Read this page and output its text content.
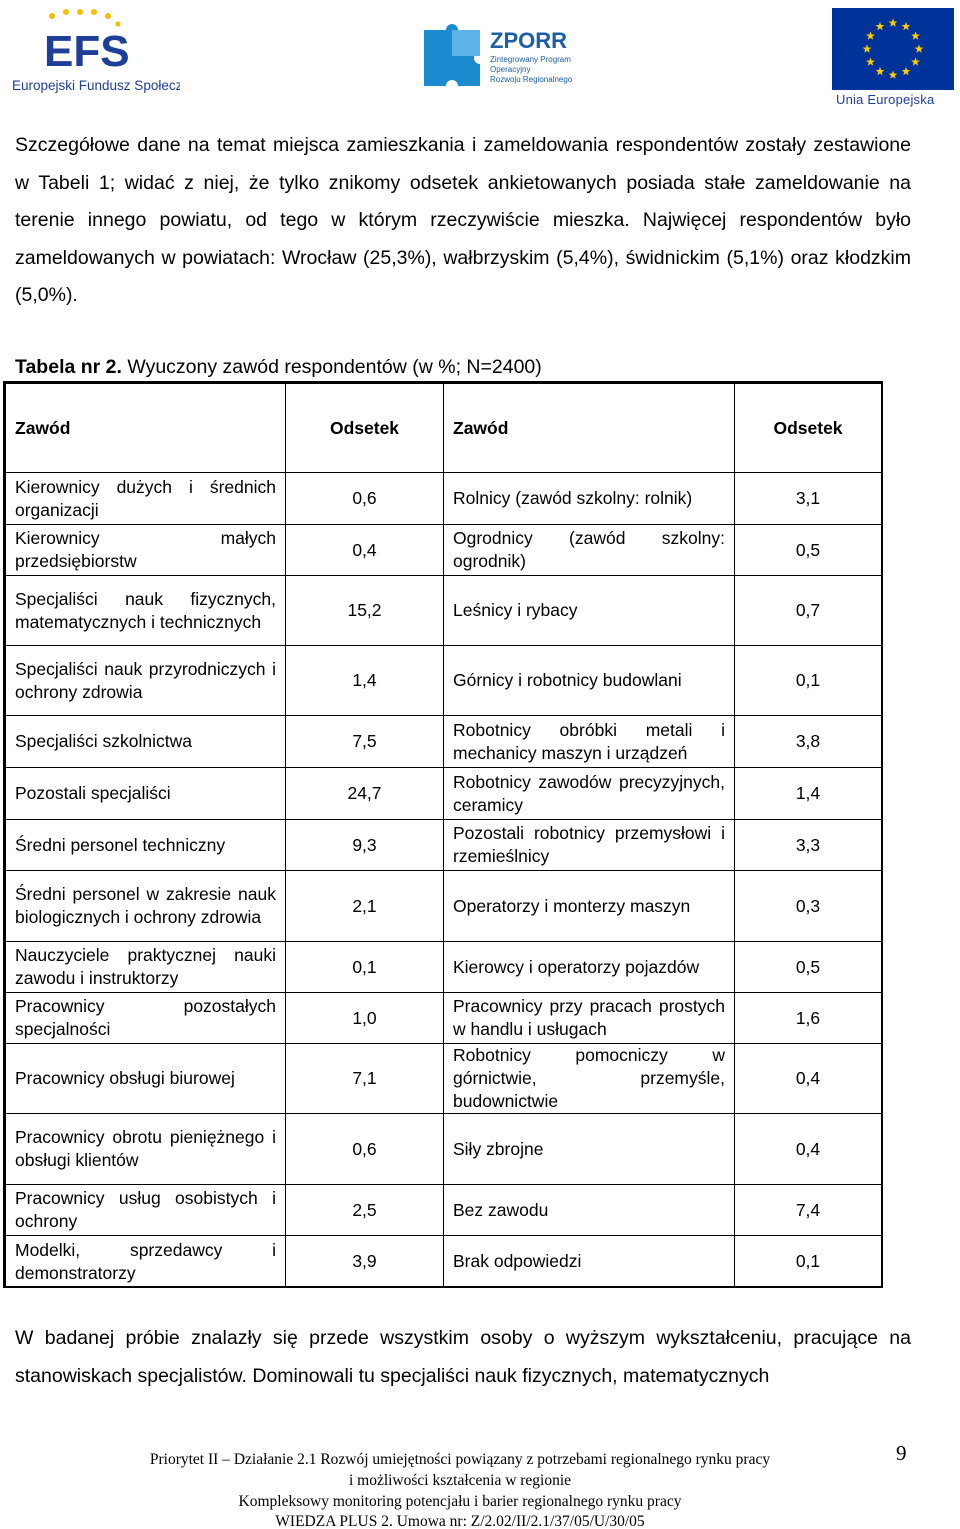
EFS
Europejski Fundusz Społeczny
ZPORR
Zintegrowany Program
Operacyjny
Rozwoju Regionalnego
Unia Europejska

Szczegółowe dane na temat miejsca zamieszkania i zameldowania respondentów zostały zestawione w Tabeli 1; widać z niej, że tylko znikomy odsetek ankietowanych posiada stałe zameldowanie na terenie innego powiatu, od tego w którym rzeczywiście mieszka. Najwięcej respondentów było zameldowanych w powiatach: Wrocław (25,3%), wałbrzyskim (5,4%), świdnickim (5,1%) oraz kłodzkim (5,0%).

Tabela nr 2. Wyuczony zawód respondentów (w %; N=2400)
Zawód	Odsetek	Zawód	Odsetek
Kierownicy dużych i średnich organizacji	0,6	Rolnicy (zawód szkolny: rolnik)	3,1
Kierownicy małych przedsiębiorstw	0,4	Ogrodnicy (zawód szkolny: ogrodnik)	0,5
Specjaliści nauk fizycznych, matematycznych i technicznych	15,2	Leśnicy i rybacy	0,7
Specjaliści nauk przyrodniczych i ochrony zdrowia	1,4	Górnicy i robotnicy budowlani	0,1
Specjaliści szkolnictwa	7,5	Robotnicy obróbki metali i mechanicy maszyn i urządzeń	3,8
Pozostali specjaliści	24,7	Robotnicy zawodów precyzyjnych, ceramicy	1,4
Średni personel techniczny	9,3	Pozostali robotnicy przemysłowi i rzemieślnicy	3,3
Średni personel w zakresie nauk biologicznych i ochrony zdrowia	2,1	Operatorzy i monterzy maszyn	0,3
Nauczyciele praktycznej nauki zawodu i instruktorzy	0,1	Kierowcy i operatorzy pojazdów	0,5
Pracownicy pozostałych specjalności	1,0	Pracownicy przy pracach prostych w handlu i usługach	1,6
Pracownicy obsługi biurowej	7,1	Robotnicy pomocniczy w górnictwie, przemyśle, budownictwie	0,4
Pracownicy obrotu pieniężnego i obsługi klientów	0,6	Siły zbrojne	0,4
Pracownicy usług osobistych i ochrony	2,5	Bez zawodu	7,4
Modelki, sprzedawcy i demonstratorzy	3,9	Brak odpowiedzi	0,1

W badanej próbie znalazły się przede wszystkim osoby o wyższym wykształceniu, pracujące na stanowiskach specjalistów. Dominowali tu specjaliści nauk fizycznych, matematycznych

Priorytet II – Działanie 2.1 Rozwój umiejętności powiązany z potrzebami regionalnego rynku pracy
i możliwości kształcenia w regionie
Kompleksowy monitoring potencjału i barier regionalnego rynku pracy
WIEDZA PLUS 2. Umowa nr: Z/2.02/II/2.1/37/05/U/30/05
9
